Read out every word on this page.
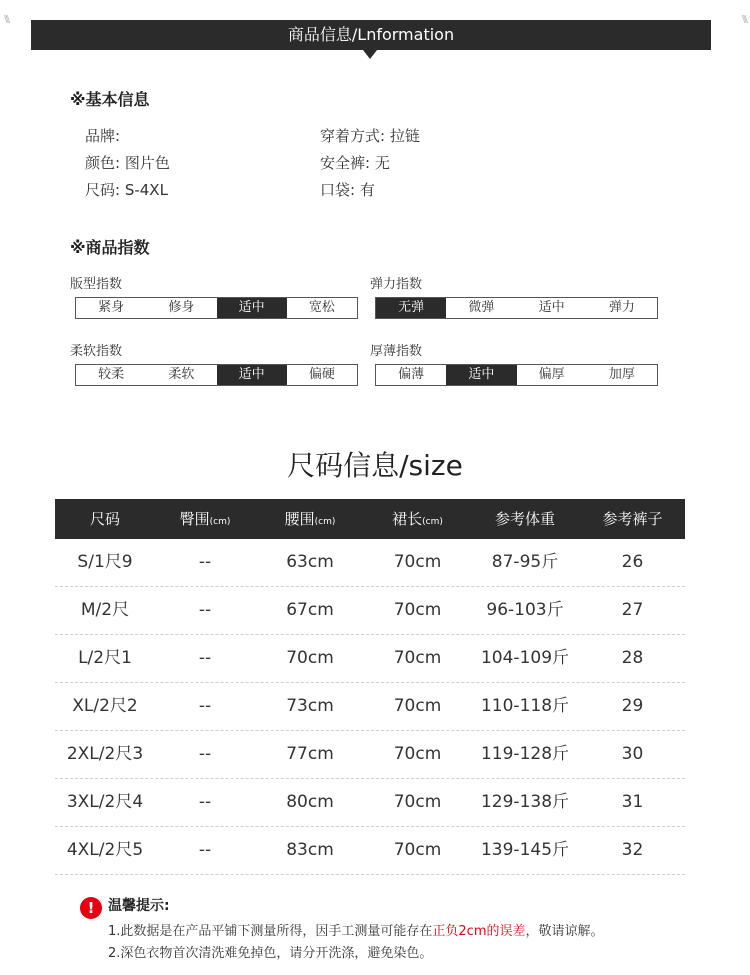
\\\	\\\
商品信息/Lnformation
※基本信息
品牌:	穿着方式: 拉链
颜色: 图片色	安全裤: 无
尺码: S-4XL	口袋: 有
※商品指数
版型指数
紧身	修身	适中	宽松
弹力指数
无弹	微弹	适中	弹力
柔软指数
较柔	柔软	适中	偏硬
厚薄指数
偏薄	适中	偏厚	加厚
尺码信息/size
尺码	臀围(cm)	腰围(cm)	裙长(cm)	参考体重	参考裤子
S/1尺9	--	63cm	70cm	87-95斤	26
M/2尺	--	67cm	70cm	96-103斤	27
L/2尺1	--	70cm	70cm	104-109斤	28
XL/2尺2	--	73cm	70cm	110-118斤	29
2XL/2尺3	--	77cm	70cm	119-128斤	30
3XL/2尺4	--	80cm	70cm	129-138斤	31
4XL/2尺5	--	83cm	70cm	139-145斤	32
! 温馨提示:
1.此数据是在产品平铺下测量所得，因手工测量可能存在正负2cm的误差，敬请谅解。
2.深色衣物首次清洗难免掉色，请分开洗涤，避免染色。
